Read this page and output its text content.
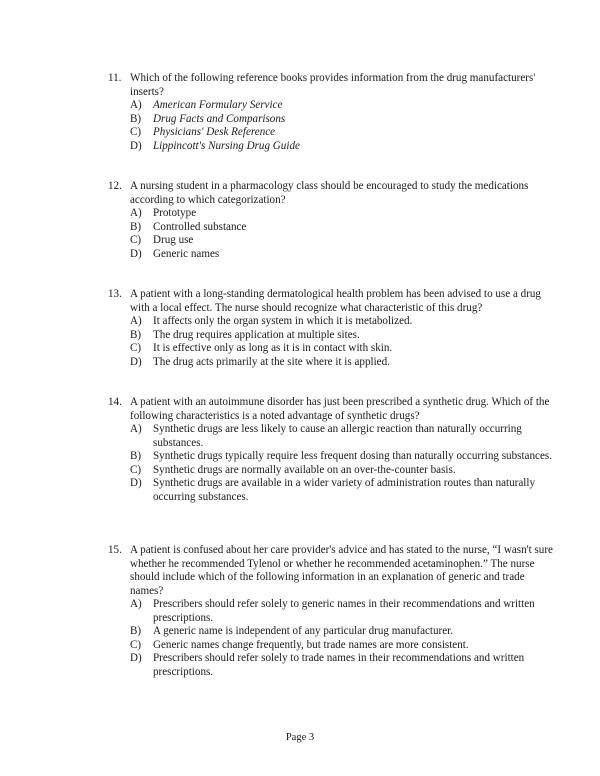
11. Which of the following reference books provides information from the drug manufacturers' inserts?
A) American Formulary Service
B) Drug Facts and Comparisons
C) Physicians' Desk Reference
D) Lippincott's Nursing Drug Guide
12. A nursing student in a pharmacology class should be encouraged to study the medications according to which categorization?
A) Prototype
B) Controlled substance
C) Drug use
D) Generic names
13. A patient with a long-standing dermatological health problem has been advised to use a drug with a local effect. The nurse should recognize what characteristic of this drug?
A) It affects only the organ system in which it is metabolized.
B) The drug requires application at multiple sites.
C) It is effective only as long as it is in contact with skin.
D) The drug acts primarily at the site where it is applied.
14. A patient with an autoimmune disorder has just been prescribed a synthetic drug. Which of the following characteristics is a noted advantage of synthetic drugs?
A) Synthetic drugs are less likely to cause an allergic reaction than naturally occurring substances.
B) Synthetic drugs typically require less frequent dosing than naturally occurring substances.
C) Synthetic drugs are normally available on an over-the-counter basis.
D) Synthetic drugs are available in a wider variety of administration routes than naturally occurring substances.
15. A patient is confused about her care provider's advice and has stated to the nurse, “I wasn't sure whether he recommended Tylenol or whether he recommended acetaminophen.” The nurse should include which of the following information in an explanation of generic and trade names?
A) Prescribers should refer solely to generic names in their recommendations and written prescriptions.
B) A generic name is independent of any particular drug manufacturer.
C) Generic names change frequently, but trade names are more consistent.
D) Prescribers should refer solely to trade names in their recommendations and written prescriptions.
Page 3
